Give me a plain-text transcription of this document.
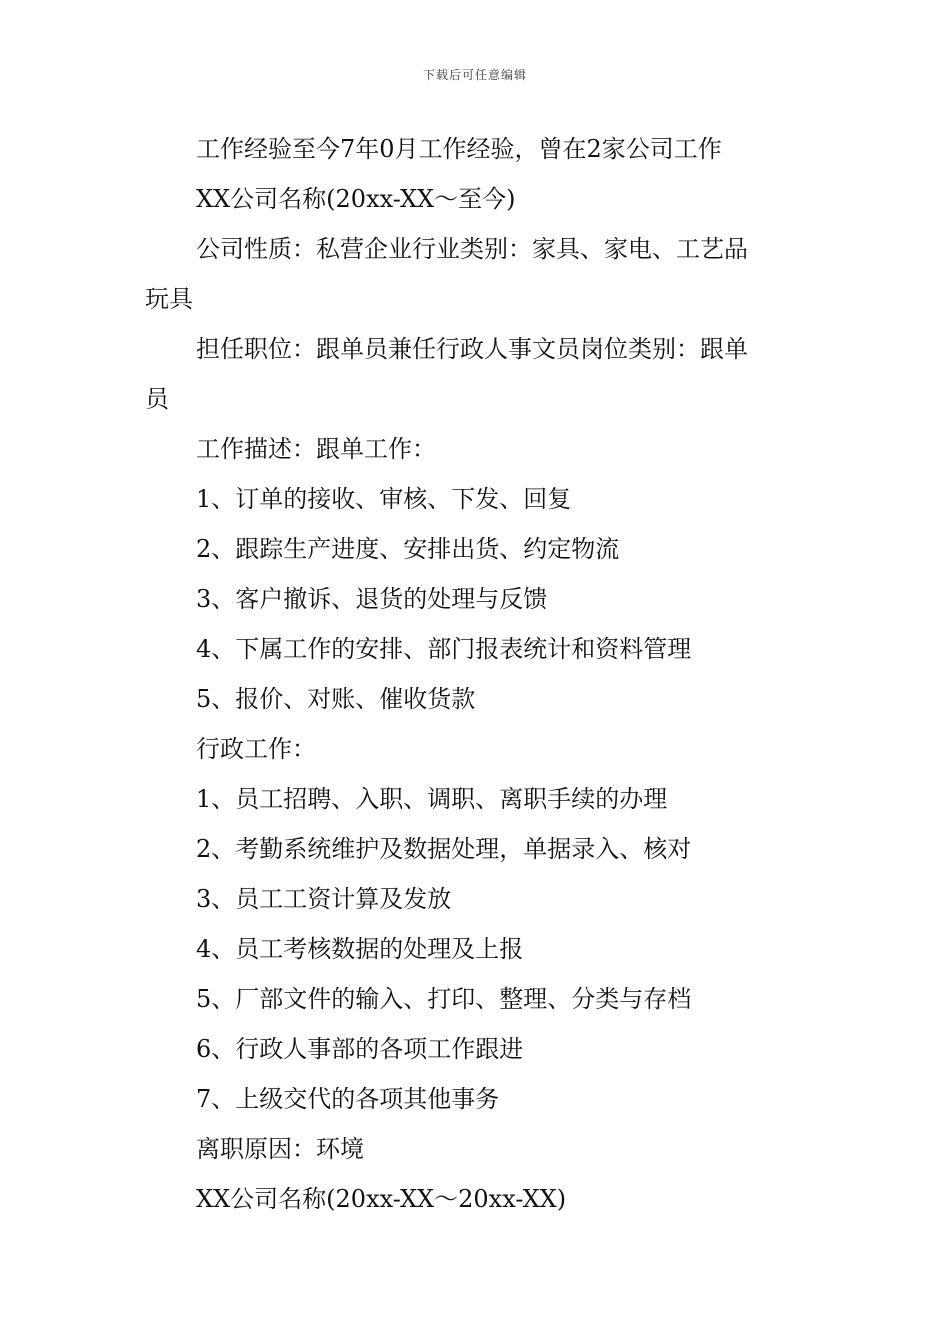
下载后可任意编辑
工作经验至今7年0月工作经验，曾在2家公司工作
XX公司名称(20xx-XX～至今)
公司性质：私营企业行业类别：家具、家电、工艺品
玩具
担任职位：跟单员兼任行政人事文员岗位类别：跟单
员
工作描述：跟单工作：
1、订单的接收、审核、下发、回复
2、跟踪生产进度、安排出货、约定物流
3、客户撤诉、退货的处理与反馈
4、下属工作的安排、部门报表统计和资料管理
5、报价、对账、催收货款
行政工作：
1、员工招聘、入职、调职、离职手续的办理
2、考勤系统维护及数据处理，单据录入、核对
3、员工工资计算及发放
4、员工考核数据的处理及上报
5、厂部文件的输入、打印、整理、分类与存档
6、行政人事部的各项工作跟进
7、上级交代的各项其他事务
离职原因：环境
XX公司名称(20xx-XX～20xx-XX)
